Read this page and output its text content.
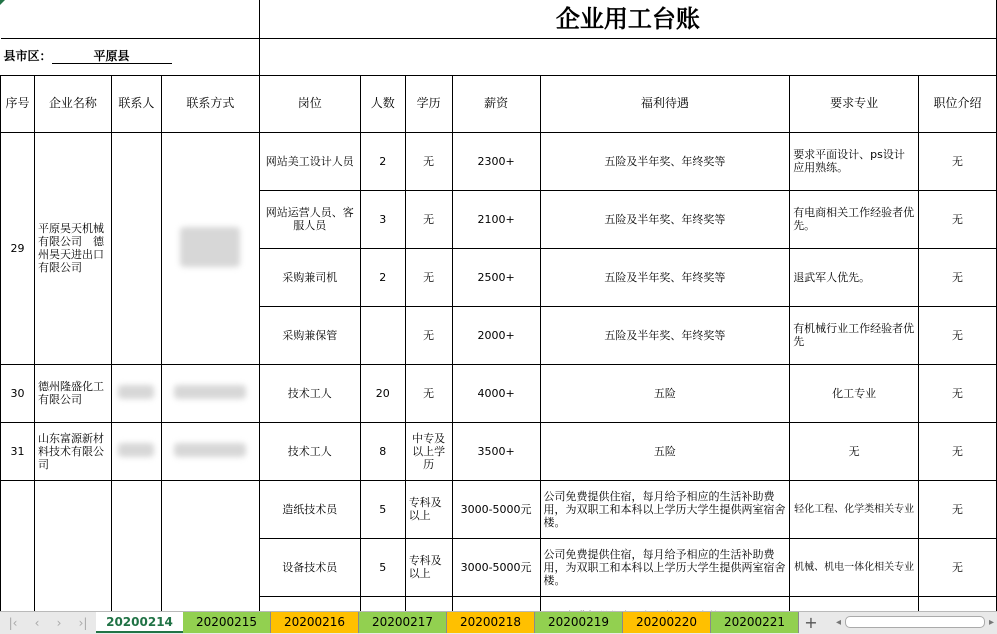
				企业用工台账						
县市区： 平原县										
序号	企业名称	联系人	联系方式	岗位	人数	学历	薪资	福利待遇	要求专业	职位介绍
29	平原昊天机械有限公司　德州昊天进出口有限公司			网站美工设计人员	2	无	2300+	五险及半年奖、年终奖等	要求平面设计、ps设计应用熟练。	无
				网站运营人员、客服人员	3	无	2100+	五险及半年奖、年终奖等	有电商相关工作经验者优先。	无
				采购兼司机	2	无	2500+	五险及半年奖、年终奖等	退武军人优先。	无
				采购兼保管		无	2000+	五险及半年奖、年终奖等	有机械行业工作经验者优先	无
30	德州隆盛化工有限公司			技术工人	20	无	4000+	五险	化工专业	无
31	山东富源新材料技术有限公司			技术工人	8	中专及以上学历	3500+	五险	无	无
				造纸技术员	5	专科及以上	3000-5000元	公司免费提供住宿，每月给予相应的生活补助费用，为双职工和本科以上学历大学生提供两室宿舍楼。	轻化工程、化学类相关专业	无
				设备技术员	5	专科及以上	3000-5000元	公司免费提供住宿，每月给予相应的生活补助费用，为双职工和本科以上学历大学生提供两室宿舍楼。	机械、机电一体化相关专业	无

|‹ ‹ › ›|	20200214	20200215	20200216	20200217	20200218	20200219	20200220	20200221	+	◂	▸
